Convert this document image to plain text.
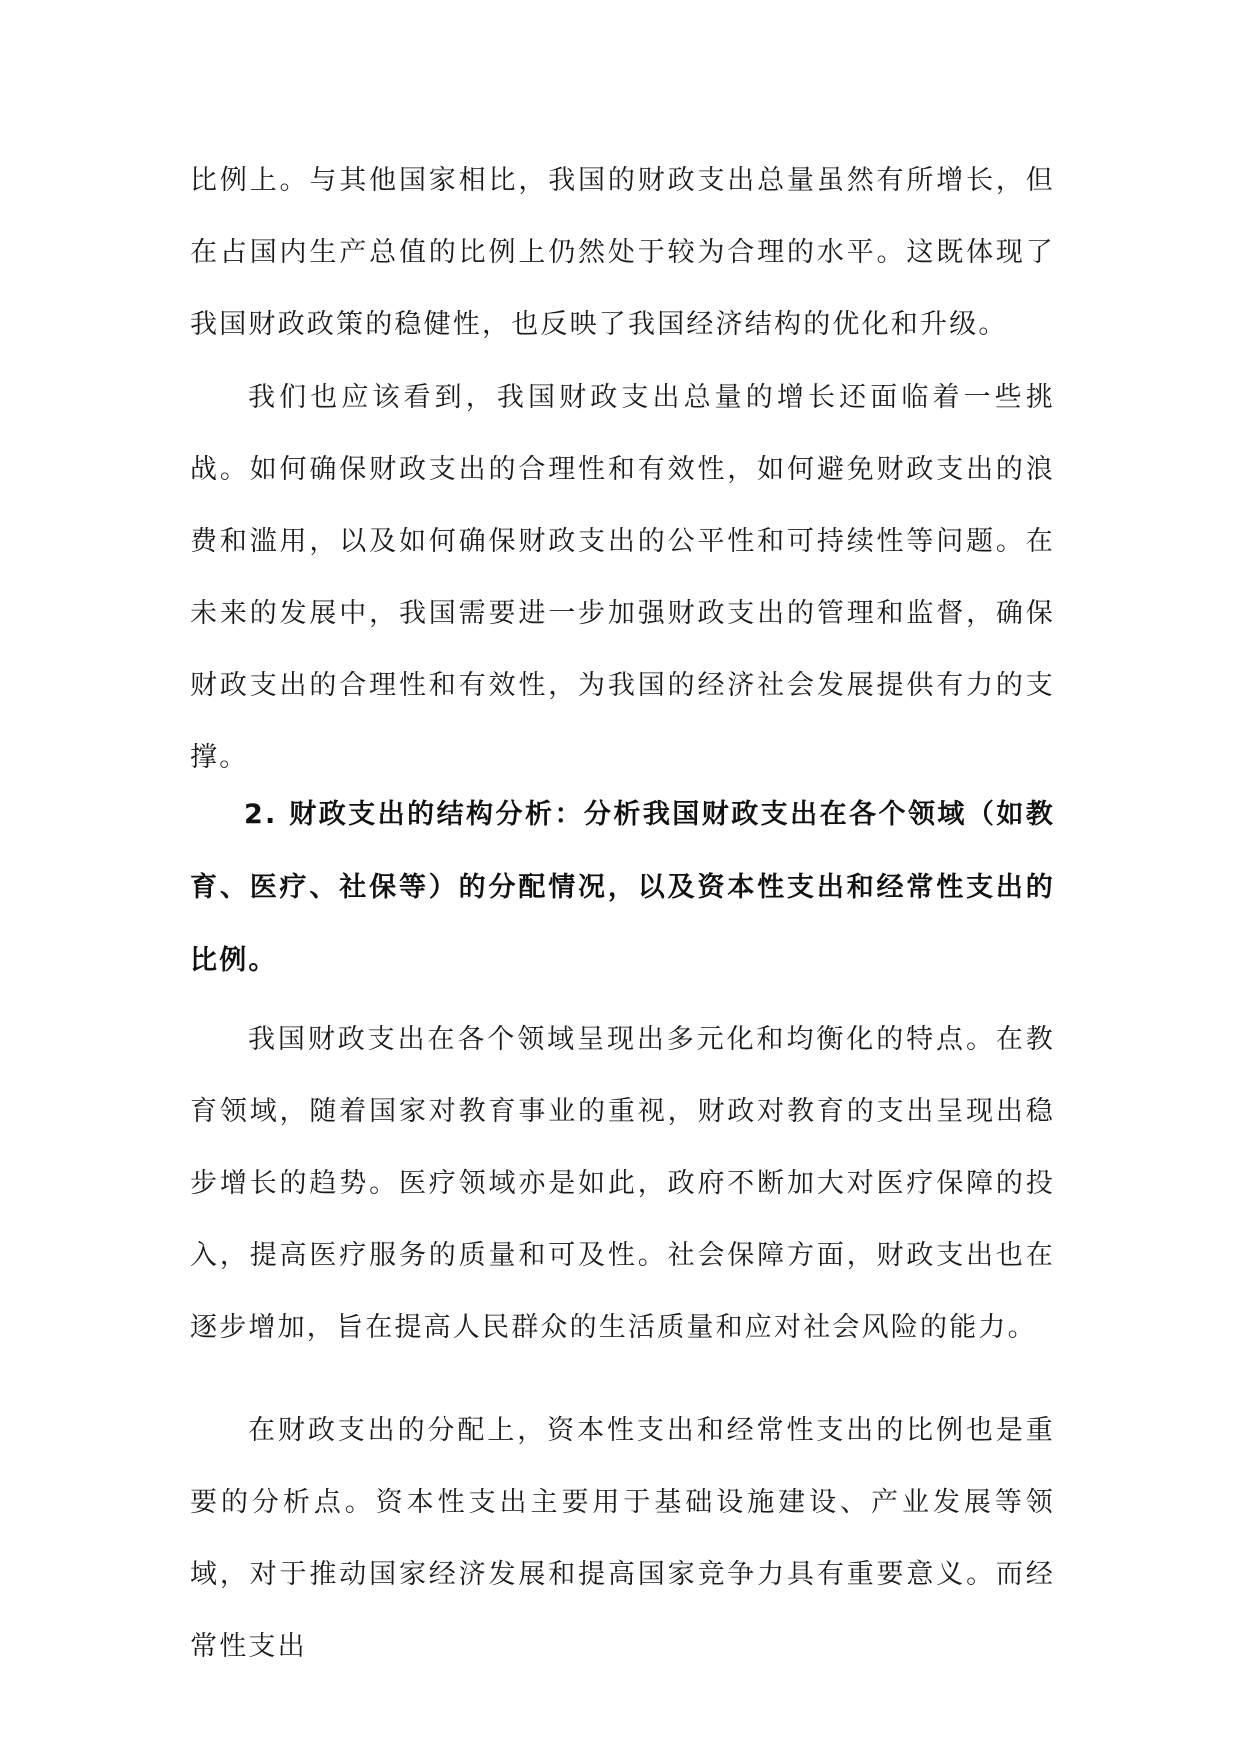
比例上。与其他国家相比，我国的财政支出总量虽然有所增长，但在占国内生产总值的比例上仍然处于较为合理的水平。这既体现了我国财政政策的稳健性，也反映了我国经济结构的优化和升级。

我们也应该看到，我国财政支出总量的增长还面临着一些挑战。如何确保财政支出的合理性和有效性，如何避免财政支出的浪费和滥用，以及如何确保财政支出的公平性和可持续性等问题。在未来的发展中，我国需要进一步加强财政支出的管理和监督，确保财政支出的合理性和有效性，为我国的经济社会发展提供有力的支撑。

2. 财政支出的结构分析：分析我国财政支出在各个领域（如教育、医疗、社保等）的分配情况，以及资本性支出和经常性支出的比例。

我国财政支出在各个领域呈现出多元化和均衡化的特点。在教育领域，随着国家对教育事业的重视，财政对教育的支出呈现出稳步增长的趋势。医疗领域亦是如此，政府不断加大对医疗保障的投入，提高医疗服务的质量和可及性。社会保障方面，财政支出也在逐步增加，旨在提高人民群众的生活质量和应对社会风险的能力。

在财政支出的分配上，资本性支出和经常性支出的比例也是重要的分析点。资本性支出主要用于基础设施建设、产业发展等领域，对于推动国家经济发展和提高国家竞争力具有重要意义。而经常性支出
